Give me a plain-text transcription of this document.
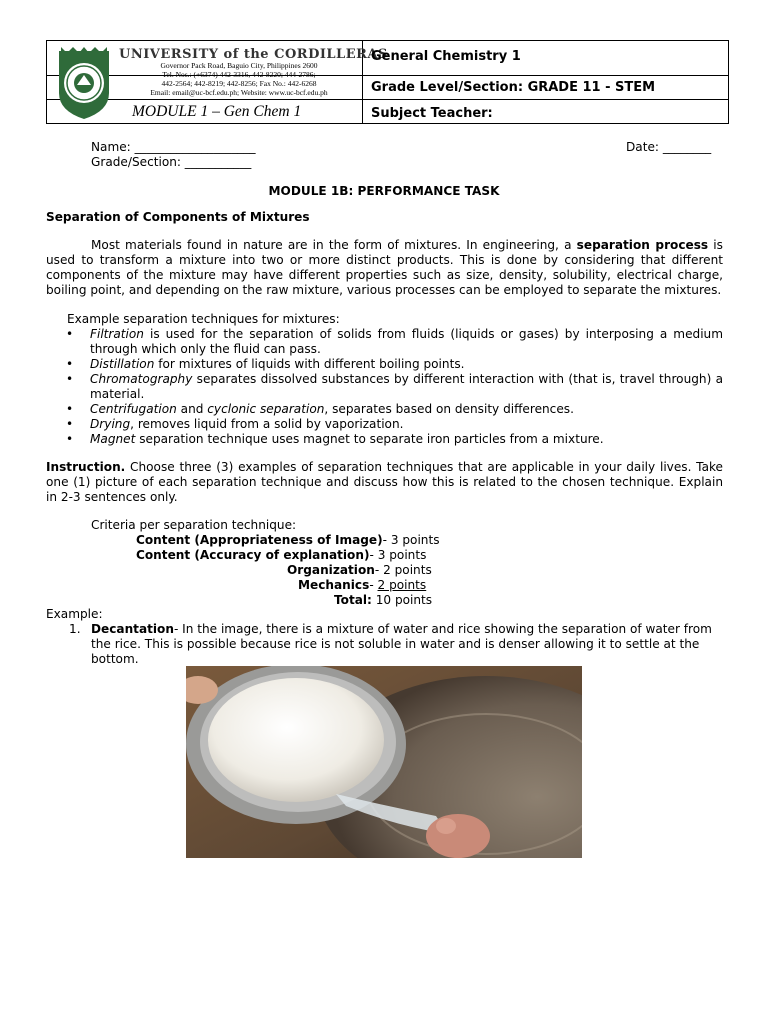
UNIVERSITY of the CORDILLERAS
Governor Pack Road, Baguio City, Philippines 2600
Tel. Nos.: (+6374) 442-3316, 442-8220; 444-2786;
442-2564; 442-8219; 442-8256; Fax No.: 442-6268
Email: email@uc-bcf.edu.ph; Website: www.uc-bcf.edu.ph
MODULE 1 – Gen Chem 1
General Chemistry 1
Grade Level/Section: GRADE 11 - STEM
Subject Teacher:
Name: ____________________	Date: ________
Grade/Section: ___________
MODULE 1B: PERFORMANCE TASK
Separation of Components of Mixtures
Most materials found in nature are in the form of mixtures. In engineering, a separation process is used to transform a mixture into two or more distinct products. This is done by considering that different components of the mixture may have different properties such as size, density, solubility, electrical charge, boiling point, and depending on the raw mixture, various processes can be employed to separate the mixtures.
Example separation techniques for mixtures:
• Filtration is used for the separation of solids from fluids (liquids or gases) by interposing a medium through which only the fluid can pass.
• Distillation for mixtures of liquids with different boiling points.
• Chromatography separates dissolved substances by different interaction with (that is, travel through) a material.
• Centrifugation and cyclonic separation, separates based on density differences.
• Drying, removes liquid from a solid by vaporization.
• Magnet separation technique uses magnet to separate iron particles from a mixture.
Instruction. Choose three (3) examples of separation techniques that are applicable in your daily lives. Take one (1) picture of each separation technique and discuss how this is related to the chosen technique. Explain in 2-3 sentences only.
Criteria per separation technique:
Content (Appropriateness of Image)- 3 points
Content (Accuracy of explanation)- 3 points
Organization- 2 points
Mechanics- 2 points
Total: 10 points
Example:
1. Decantation- In the image, there is a mixture of water and rice showing the separation of water from the rice. This is possible because rice is not soluble in water and is denser allowing it to settle at the bottom.
